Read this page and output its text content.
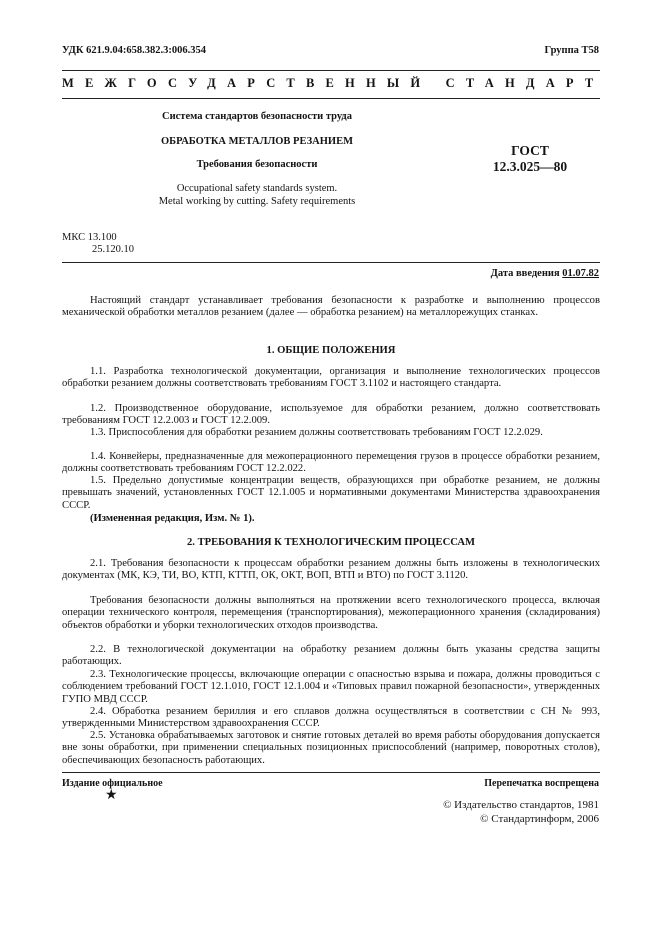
УДК 621.9.04:658.382.3:006.354	Группа Т58
МЕЖГОСУДАРСТВЕННЫЙ СТАНДАРТ
Система стандартов безопасности труда
ОБРАБОТКА МЕТАЛЛОВ РЕЗАНИЕМ
Требования безопасности
Occupational safety standards system.
Metal working by cutting. Safety requirements
ГОСТ
12.3.025—80
МКС 13.100
25.120.10
Дата введения 01.07.82

Настоящий стандарт устанавливает требования безопасности к разработке и выполнению процессов механической обработки металлов резанием (далее — обработка резанием) на металлорежущих станках.

1. ОБЩИЕ ПОЛОЖЕНИЯ

1.1. Разработка технологической документации, организация и выполнение технологических процессов обработки резанием должны соответствовать требованиям ГОСТ 3.1102 и настоящего стандарта.

1.2. Производственное оборудование, используемое для обработки резанием, должно соответствовать требованиям ГОСТ 12.2.003 и ГОСТ 12.2.009.

1.3. Приспособления для обработки резанием должны соответствовать требованиям ГОСТ 12.2.029.

1.4. Конвейеры, предназначенные для межоперационного перемещения грузов в процессе обработки резанием, должны соответствовать требованиям ГОСТ 12.2.022.

1.5. Предельно допустимые концентрации веществ, образующихся при обработке резанием, не должны превышать значений, установленных ГОСТ 12.1.005 и нормативными документами Министерства здравоохранения СССР.

(Измененная редакция, Изм. № 1).

2. ТРЕБОВАНИЯ К ТЕХНОЛОГИЧЕСКИМ ПРОЦЕССАМ

2.1. Требования безопасности к процессам обработки резанием должны быть изложены в технологических документах (МК, КЭ, ТИ, ВО, КТП, КТТП, ОК, ОКТ, ВОП, ВТП и ВТО) по ГОСТ 3.1120.

Требования безопасности должны выполняться на протяжении всего технологического процесса, включая операции технического контроля, перемещения (транспортирования), межоперационного хранения (складирования) объектов обработки и уборки технологических отходов производства.

2.2. В технологической документации на обработку резанием должны быть указаны средства защиты работающих.

2.3. Технологические процессы, включающие операции с опасностью взрыва и пожара, должны проводиться с соблюдением требований ГОСТ 12.1.010, ГОСТ 12.1.004 и «Типовых правил пожарной безопасности», утвержденных ГУПО МВД СССР.

2.4. Обработка резанием бериллия и его сплавов должна осуществляться в соответствии с СН № 993, утвержденными Министерством здравоохранения СССР.

2.5. Установка обрабатываемых заготовок и снятие готовых деталей во время работы оборудования допускается вне зоны обработки, при применении специальных позиционных приспособлений (например, поворотных столов), обеспечивающих безопасность работающих.

Издание официальное	Перепечатка воспрещена
★
© Издательство стандартов, 1981
© Стандартинформ, 2006
